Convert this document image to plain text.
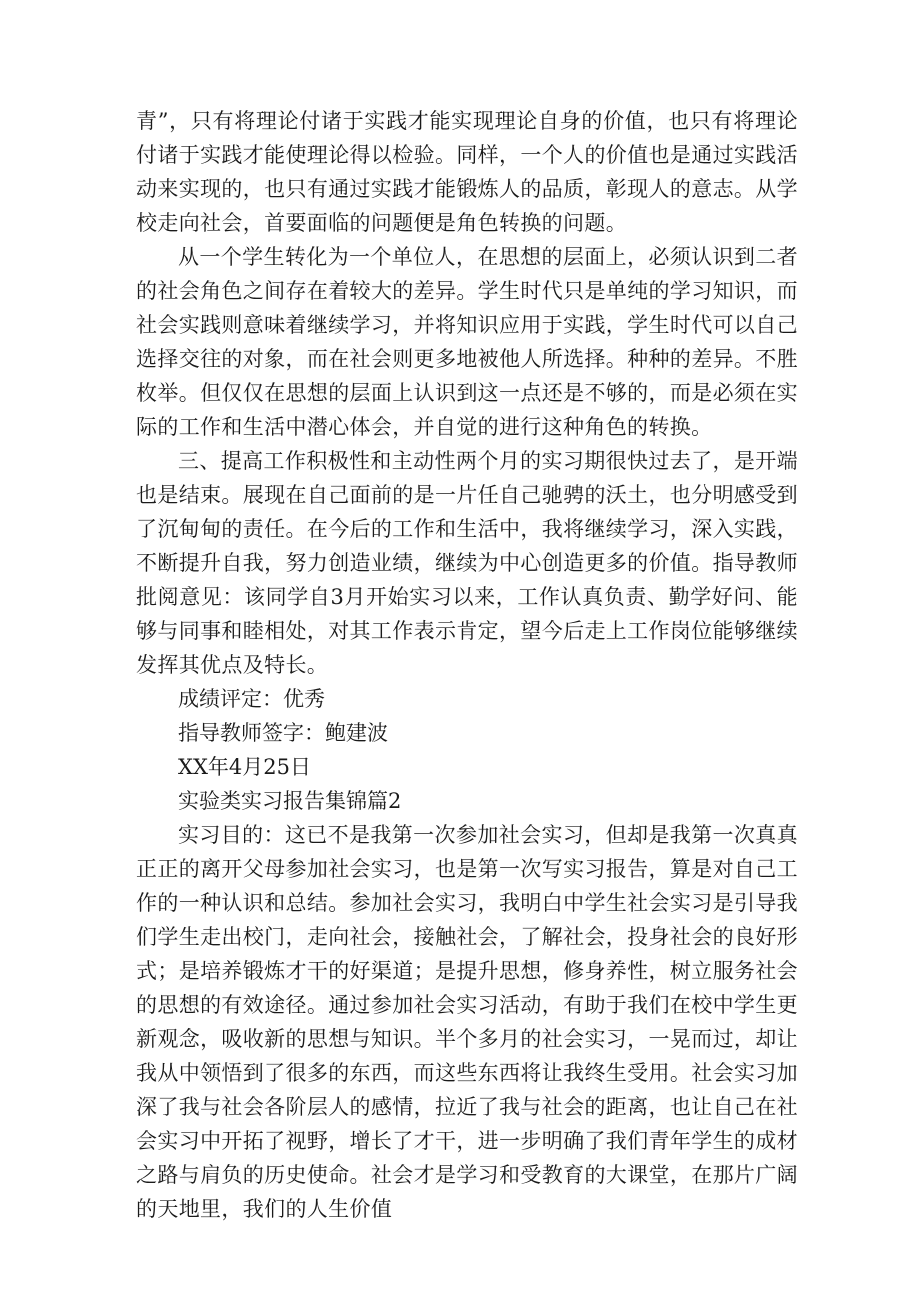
青”，只有将理论付诸于实践才能实现理论自身的价值，也只有将理论付诸于实践才能使理论得以检验。同样，一个人的价值也是通过实践活动来实现的，也只有通过实践才能锻炼人的品质，彰现人的意志。从学校走向社会，首要面临的问题便是角色转换的问题。

从一个学生转化为一个单位人，在思想的层面上，必须认识到二者的社会角色之间存在着较大的差异。学生时代只是单纯的学习知识，而社会实践则意味着继续学习，并将知识应用于实践，学生时代可以自己选择交往的对象，而在社会则更多地被他人所选择。种种的差异。不胜枚举。但仅仅在思想的层面上认识到这一点还是不够的，而是必须在实际的工作和生活中潜心体会，并自觉的进行这种角色的转换。

三、提高工作积极性和主动性两个月的实习期很快过去了，是开端也是结束。展现在自己面前的是一片任自己驰骋的沃土，也分明感受到了沉甸甸的责任。在今后的工作和生活中，我将继续学习，深入实践，不断提升自我，努力创造业绩，继续为中心创造更多的价值。指导教师批阅意见：该同学自3月开始实习以来，工作认真负责、勤学好问、能够与同事和睦相处，对其工作表示肯定，望今后走上工作岗位能够继续发挥其优点及特长。

成绩评定：优秀

指导教师签字：鲍建波

XX年4月25日

实验类实习报告集锦篇2

实习目的：这已不是我第一次参加社会实习，但却是我第一次真真正正的离开父母参加社会实习，也是第一次写实习报告，算是对自己工作的一种认识和总结。参加社会实习，我明白中学生社会实习是引导我们学生走出校门，走向社会，接触社会，了解社会，投身社会的良好形式；是培养锻炼才干的好渠道；是提升思想，修身养性，树立服务社会的思想的有效途径。通过参加社会实习活动，有助于我们在校中学生更新观念，吸收新的思想与知识。半个多月的社会实习，一晃而过，却让我从中领悟到了很多的东西，而这些东西将让我终生受用。社会实习加深了我与社会各阶层人的感情，拉近了我与社会的距离，也让自己在社会实习中开拓了视野，增长了才干，进一步明确了我们青年学生的成材之路与肩负的历史使命。社会才是学习和受教育的大课堂，在那片广阔的天地里，我们的人生价值
